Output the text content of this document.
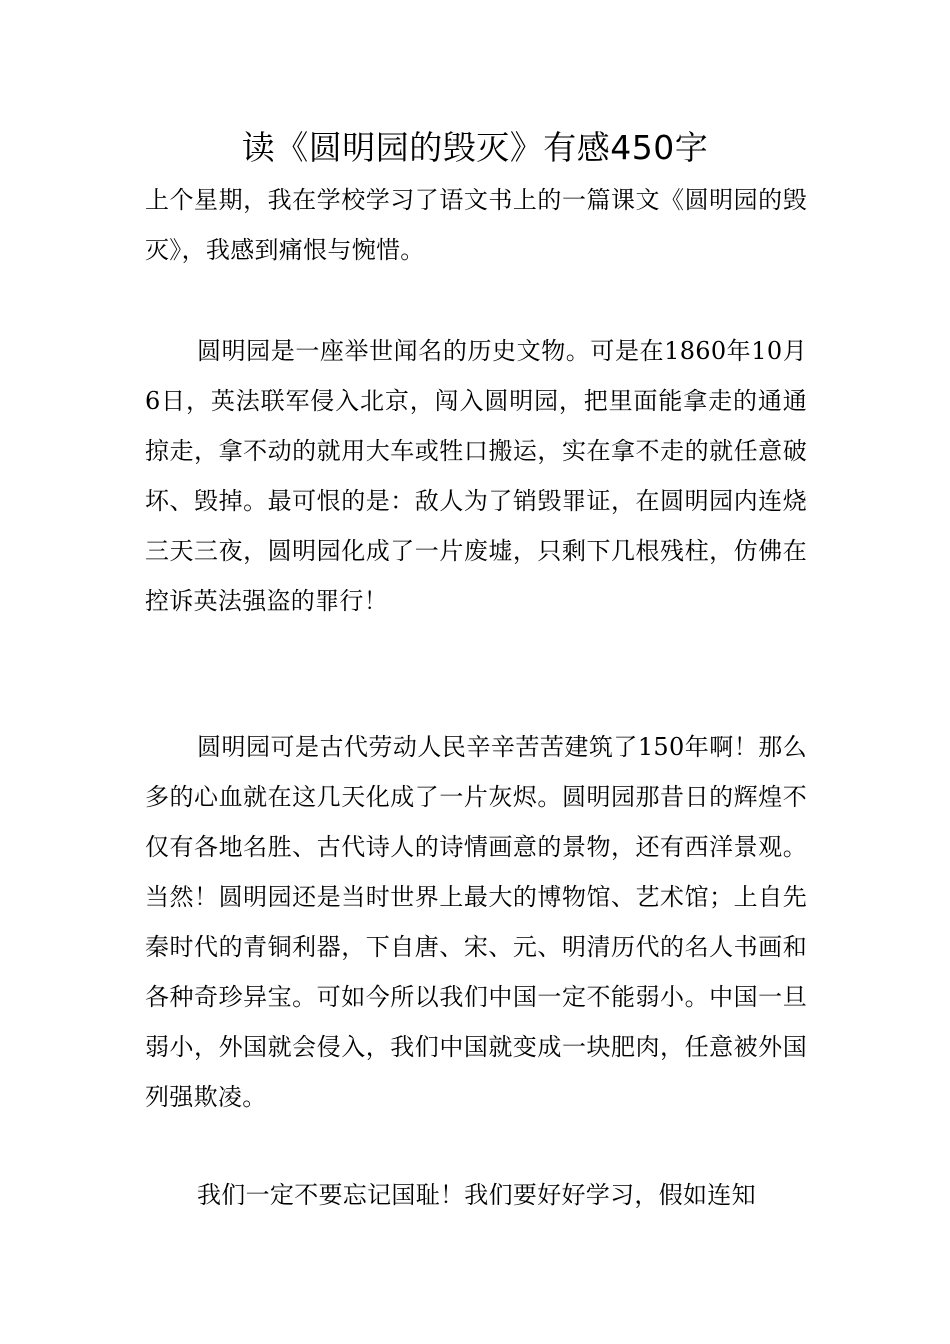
读《圆明园的毁灭》有感450字

上个星期，我在学校学习了语文书上的一篇课文《圆明园的毁灭》，我感到痛恨与惋惜。

圆明园是一座举世闻名的历史文物。可是在1860年10月6日，英法联军侵入北京，闯入圆明园，把里面能拿走的通通掠走，拿不动的就用大车或牲口搬运，实在拿不走的就任意破坏、毁掉。最可恨的是：敌人为了销毁罪证，在圆明园内连烧三天三夜，圆明园化成了一片废墟，只剩下几根残柱，仿佛在控诉英法强盗的罪行！

圆明园可是古代劳动人民辛辛苦苦建筑了150年啊！那么多的心血就在这几天化成了一片灰烬。圆明园那昔日的辉煌不仅有各地名胜、古代诗人的诗情画意的景物，还有西洋景观。当然！圆明园还是当时世界上最大的博物馆、艺术馆；上自先秦时代的青铜利器，下自唐、宋、元、明清历代的名人书画和各种奇珍异宝。可如今所以我们中国一定不能弱小。中国一旦弱小，外国就会侵入，我们中国就变成一块肥肉，任意被外国列强欺凌。

我们一定不要忘记国耻！我们要好好学习，假如连知
